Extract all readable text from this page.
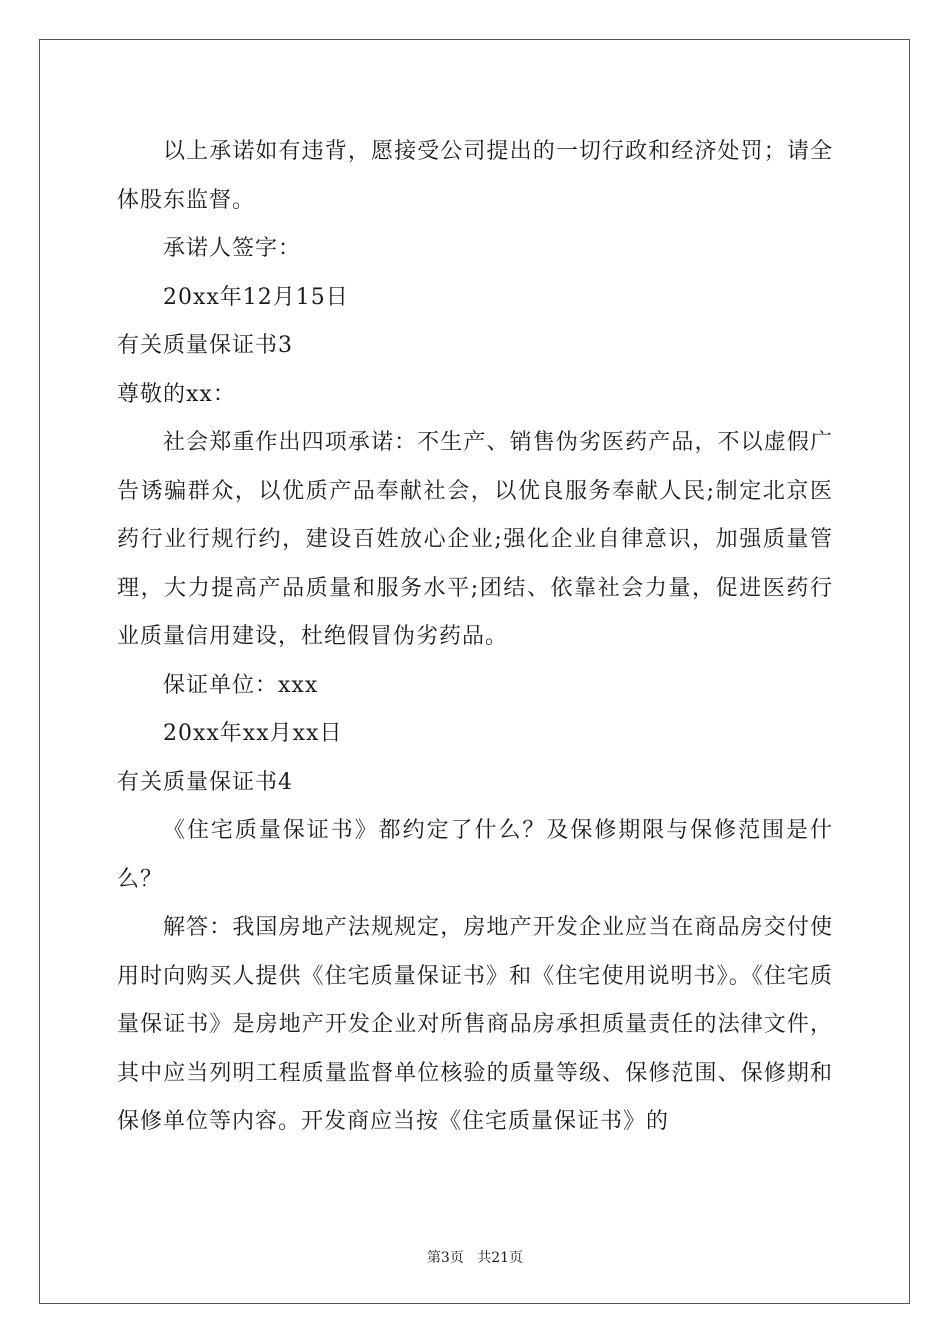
以上承诺如有违背，愿接受公司提出的一切行政和经济处罚；请全体股东监督。

承诺人签字：

20xx年12月15日

有关质量保证书3

尊敬的xx：

社会郑重作出四项承诺：不生产、销售伪劣医药产品，不以虚假广告诱骗群众，以优质产品奉献社会，以优良服务奉献人民;制定北京医药行业行规行约，建设百姓放心企业;强化企业自律意识，加强质量管理，大力提高产品质量和服务水平;团结、依靠社会力量，促进医药行业质量信用建设，杜绝假冒伪劣药品。

保证单位：xxx

20xx年xx月xx日

有关质量保证书4

《住宅质量保证书》都约定了什么？及保修期限与保修范围是什么？

解答：我国房地产法规规定，房地产开发企业应当在商品房交付使用时向购买人提供《住宅质量保证书》和《住宅使用说明书》。《住宅质量保证书》是房地产开发企业对所售商品房承担质量责任的法律文件，其中应当列明工程质量监督单位核验的质量等级、保修范围、保修期和保修单位等内容。开发商应当按《住宅质量保证书》的

第3页 共21页
